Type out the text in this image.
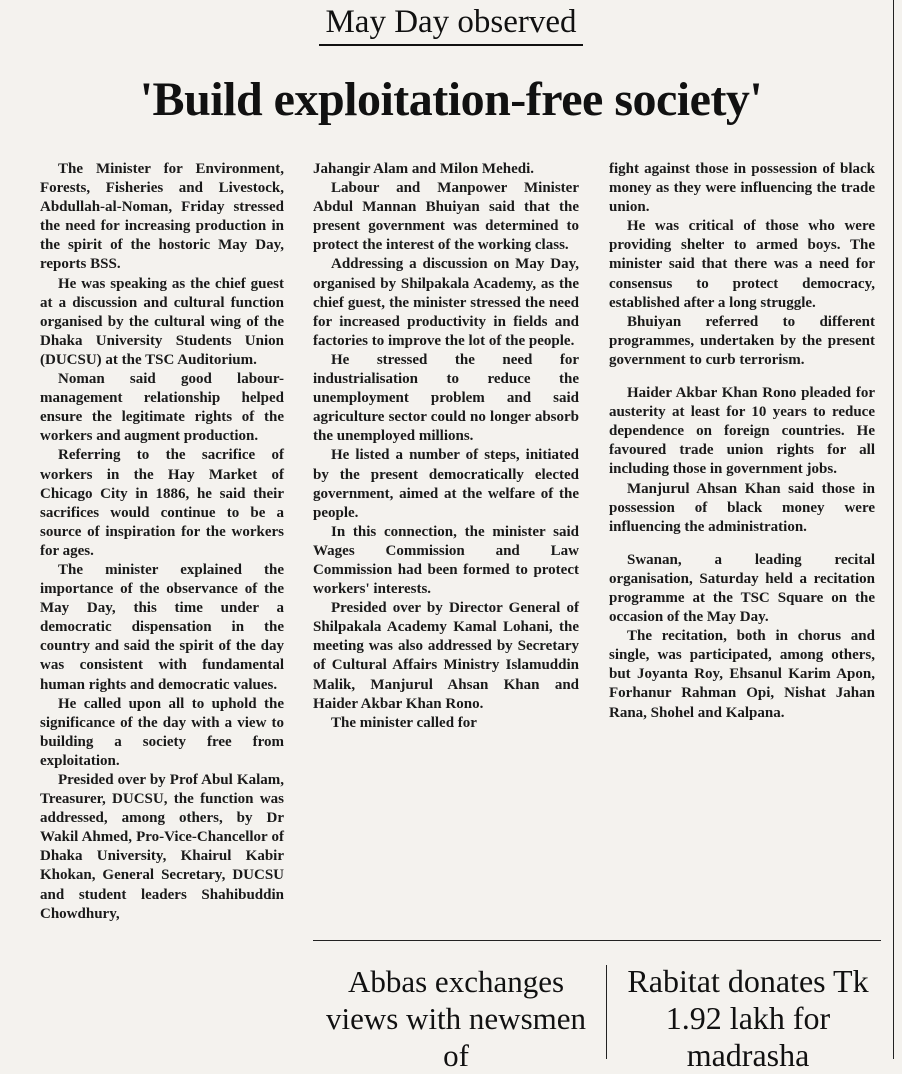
May Day observed
'Build exploitation-free society'

The Minister for Environment, Forests, Fisheries and Livestock, Abdullah-al-Noman, Friday stressed the need for increasing production in the spirit of the hostoric May Day, reports BSS.

He was speaking as the chief guest at a discussion and cultural function organised by the cultural wing of the Dhaka University Students Union (DUCSU) at the TSC Auditorium.

Noman said good labour-management relationship helped ensure the legitimate rights of the workers and augment production.

Referring to the sacrifice of workers in the Hay Market of Chicago City in 1886, he said their sacrifices would continue to be a source of inspiration for the workers for ages.

The minister explained the importance of the observance of the May Day, this time under a democratic dispensation in the country and said the spirit of the day was consistent with fundamental human rights and democratic values.

He called upon all to uphold the significance of the day with a view to building a society free from exploitation.

Presided over by Prof Abul Kalam, Treasurer, DUCSU, the function was addressed, among others, by Dr Wakil Ahmed, Pro-Vice-Chancellor of Dhaka University, Khairul Kabir Khokan, General Secretary, DUCSU and student leaders Shahibuddin Chowdhury,

Jahangir Alam and Milon Mehedi.

Labour and Manpower Minister Abdul Mannan Bhuiyan said that the present government was determined to protect the interest of the working class.

Addressing a discussion on May Day, organised by Shilpakala Academy, as the chief guest, the minister stressed the need for increased productivity in fields and factories to improve the lot of the people.

He stressed the need for industrialisation to reduce the unemployment problem and said agriculture sector could no longer absorb the unemployed millions.

He listed a number of steps, initiated by the present democratically elected government, aimed at the welfare of the people.

In this connection, the minister said Wages Commission and Law Commission had been formed to protect workers' interests.

Presided over by Director General of Shilpakala Academy Kamal Lohani, the meeting was also addressed by Secretary of Cultural Affairs Ministry Islamuddin Malik, Manjurul Ahsan Khan and Haider Akbar Khan Rono.

The minister called for

fight against those in possession of black money as they were influencing the trade union.

He was critical of those who were providing shelter to armed boys. The minister said that there was a need for consensus to protect democracy, established after a long struggle.

Bhuiyan referred to different programmes, undertaken by the present government to curb terrorism.

Haider Akbar Khan Rono pleaded for austerity at least for 10 years to reduce dependence on foreign countries. He favoured trade union rights for all including those in government jobs.

Manjurul Ahsan Khan said those in possession of black money were influencing the administration.

Swanan, a leading recital organisation, Saturday held a recitation programme at the TSC Square on the occasion of the May Day.

The recitation, both in chorus and single, was participated, among others, but Joyanta Roy, Ehsanul Karim Apon, Forhanur Rahman Opi, Nishat Jahan Rana, Shohel and Kalpana.

Abbas exchanges views with newsmen of
Rabitat donates Tk 1.92 lakh for madrasha
